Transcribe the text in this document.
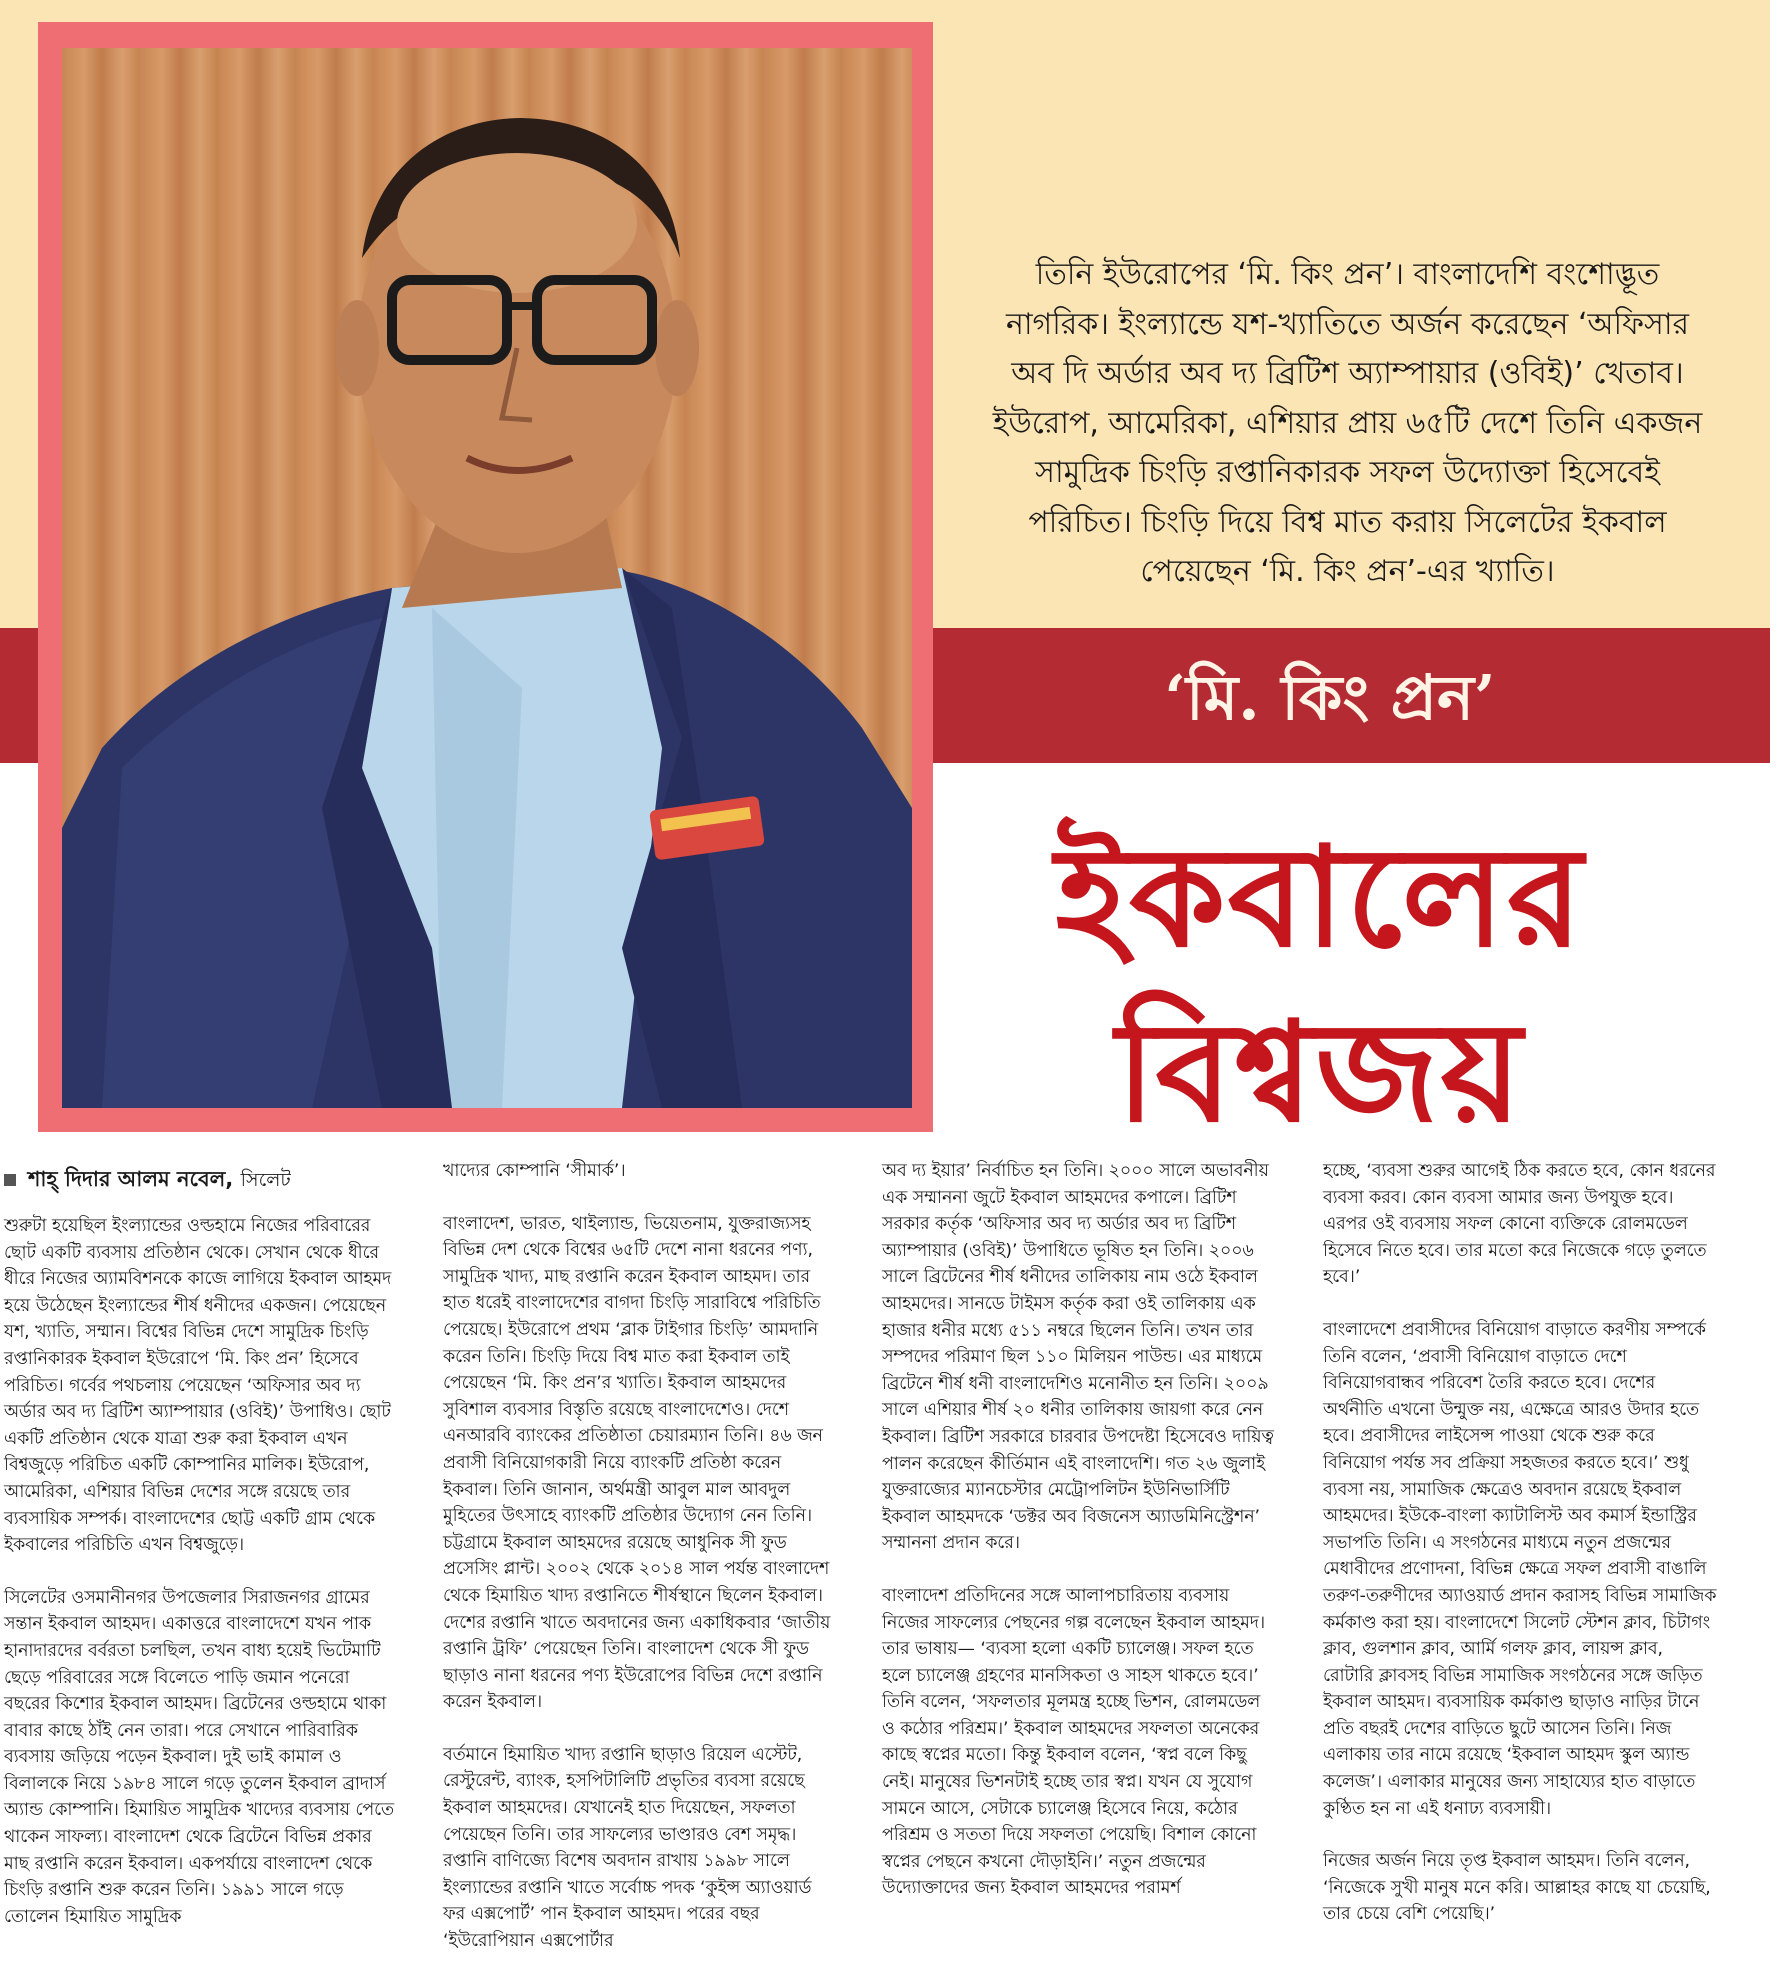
তিনি ইউরোপের ‘মি. কিং প্রন’। বাংলাদেশি বংশোদ্ভূত নাগরিক। ইংল্যান্ডে যশ-খ্যাতিতে অর্জন করেছেন ‘অফিসার অব দি অর্ডার অব দ্য ব্রিটিশ অ্যাম্পায়ার (ওবিই)’ খেতাব। ইউরোপ, আমেরিকা, এশিয়ার প্রায় ৬৫টি দেশে তিনি একজন সামুদ্রিক চিংড়ি রপ্তানিকারক সফল উদ্যোক্তা হিসেবেই পরিচিত। চিংড়ি দিয়ে বিশ্ব মাত করায় সিলেটের ইকবাল পেয়েছেন ‘মি. কিং প্রন’-এর খ্যাতি।

‘মি. কিং প্রন’
ইকবালের
বিশ্বজয়
শাহ্‌ দিদার আলম নবেল, সিলেট

শুরুটা হয়েছিল ইংল্যান্ডের ওল্ডহামে নিজের পরিবারের ছোট একটি ব্যবসায় প্রতিষ্ঠান থেকে। সেখান থেকে ধীরে ধীরে নিজের অ্যামবিশনকে কাজে লাগিয়ে ইকবাল আহমদ হয়ে উঠেছেন ইংল্যান্ডের শীর্ষ ধনীদের একজন। পেয়েছেন যশ, খ্যাতি, সম্মান। বিশ্বের বিভিন্ন দেশে সামুদ্রিক চিংড়ি রপ্তানিকারক ইকবাল ইউরোপে ‘মি. কিং প্রন’ হিসেবে পরিচিত। গর্বের পথচলায় পেয়েছেন ‘অফিসার অব দ্য অর্ডার অব দ্য ব্রিটিশ অ্যাম্পায়ার (ওবিই)’ উপাধিও। ছোট একটি প্রতিষ্ঠান থেকে যাত্রা শুরু করা ইকবাল এখন বিশ্বজুড়ে পরিচিত একটি কোম্পানির মালিক। ইউরোপ, আমেরিকা, এশিয়ার বিভিন্ন দেশের সঙ্গে রয়েছে তার ব্যবসায়িক সম্পর্ক। বাংলাদেশের ছোট্ট একটি গ্রাম থেকে ইকবালের পরিচিতি এখন বিশ্বজুড়ে।

সিলেটের ওসমানীনগর উপজেলার সিরাজনগর গ্রামের সন্তান ইকবাল আহমদ। একাত্তরে বাংলাদেশে যখন পাক হানাদারদের বর্বরতা চলছিল, তখন বাধ্য হয়েই ভিটেমাটি ছেড়ে পরিবারের সঙ্গে বিলেতে পাড়ি জমান পনেরো বছরের কিশোর ইকবাল আহমদ। ব্রিটেনের ওল্ডহামে থাকা বাবার কাছে ঠাঁই নেন তারা। পরে সেখানে পারিবারিক ব্যবসায় জড়িয়ে পড়েন ইকবাল। দুই ভাই কামাল ও বিলালকে নিয়ে ১৯৮৪ সালে গড়ে তুলেন ইকবাল ব্রাদার্স অ্যান্ড কোম্পানি। হিমায়িত সামুদ্রিক খাদ্যের ব্যবসায় পেতে থাকেন সাফল্য। বাংলাদেশ থেকে ব্রিটেনে বিভিন্ন প্রকার মাছ রপ্তানি করেন ইকবাল। একপর্যায়ে বাংলাদেশ থেকে চিংড়ি রপ্তানি শুরু করেন তিনি। ১৯৯১ সালে গড়ে তোলেন হিমায়িত সামুদ্রিক

খাদ্যের কোম্পানি ‘সীমার্ক’।

বাংলাদেশ, ভারত, থাইল্যান্ড, ভিয়েতনাম, যুক্তরাজ্যসহ বিভিন্ন দেশ থেকে বিশ্বের ৬৫টি দেশে নানা ধরনের পণ্য, সামুদ্রিক খাদ্য, মাছ রপ্তানি করেন ইকবাল আহমদ। তার হাত ধরেই বাংলাদেশের বাগদা চিংড়ি সারাবিশ্বে পরিচিতি পেয়েছে। ইউরোপে প্রথম ‘ব্লাক টাইগার চিংড়ি’ আমদানি করেন তিনি। চিংড়ি দিয়ে বিশ্ব মাত করা ইকবাল তাই পেয়েছেন ‘মি. কিং প্রন’র খ্যাতি। ইকবাল আহমদের সুবিশাল ব্যবসার বিস্তৃতি রয়েছে বাংলাদেশেও। দেশে এনআরবি ব্যাংকের প্রতিষ্ঠাতা চেয়ারম্যান তিনি। ৪৬ জন প্রবাসী বিনিয়োগকারী নিয়ে ব্যাংকটি প্রতিষ্ঠা করেন ইকবাল। তিনি জানান, অর্থমন্ত্রী আবুল মাল আবদুল মুহিতের উৎসাহে ব্যাংকটি প্রতিষ্ঠার উদ্যোগ নেন তিনি। চট্টগ্রামে ইকবাল আহমদের রয়েছে আধুনিক সী ফুড প্রসেসিং প্লান্ট। ২০০২ থেকে ২০১৪ সাল পর্যন্ত বাংলাদেশ থেকে হিমায়িত খাদ্য রপ্তানিতে শীর্ষস্থানে ছিলেন ইকবাল। দেশের রপ্তানি খাতে অবদানের জন্য একাধিকবার ‘জাতীয় রপ্তানি ট্রফি’ পেয়েছেন তিনি। বাংলাদেশ থেকে সী ফুড ছাড়াও নানা ধরনের পণ্য ইউরোপের বিভিন্ন দেশে রপ্তানি করেন ইকবাল।

বর্তমানে হিমায়িত খাদ্য রপ্তানি ছাড়াও রিয়েল এস্টেট, রেস্টুরেন্ট, ব্যাংক, হসপিটালিটি প্রভৃতির ব্যবসা রয়েছে ইকবাল আহমদের। যেখানেই হাত দিয়েছেন, সফলতা পেয়েছেন তিনি। তার সাফল্যের ভাণ্ডারও বেশ সমৃদ্ধ। রপ্তানি বাণিজ্যে বিশেষ অবদান রাখায় ১৯৯৮ সালে ইংল্যান্ডের রপ্তানি খাতে সর্বোচ্চ পদক ‘কুইন্স অ্যাওয়ার্ড ফর এক্সপোর্ট’ পান ইকবাল আহমদ। পরের বছর ‘ইউরোপিয়ান এক্সপোর্টার

অব দ্য ইয়ার’ নির্বাচিত হন তিনি। ২০০০ সালে অভাবনীয় এক সম্মাননা জুটে ইকবাল আহমদের কপালে। ব্রিটিশ সরকার কর্তৃক ‘অফিসার অব দ্য অর্ডার অব দ্য ব্রিটিশ অ্যাম্পায়ার (ওবিই)’ উপাধিতে ভূষিত হন তিনি। ২০০৬ সালে ব্রিটেনের শীর্ষ ধনীদের তালিকায় নাম ওঠে ইকবাল আহমদের। সানডে টাইমস কর্তৃক করা ওই তালিকায় এক হাজার ধনীর মধ্যে ৫১১ নম্বরে ছিলেন তিনি। তখন তার সম্পদের পরিমাণ ছিল ১১০ মিলিয়ন পাউন্ড। এর মাধ্যমে ব্রিটেনে শীর্ষ ধনী বাংলাদেশিও মনোনীত হন তিনি। ২০০৯ সালে এশিয়ার শীর্ষ ২০ ধনীর তালিকায় জায়গা করে নেন ইকবাল। ব্রিটিশ সরকারে চারবার উপদেষ্টা হিসেবেও দায়িত্ব পালন করেছেন কীর্তিমান এই বাংলাদেশি। গত ২৬ জুলাই যুক্তরাজ্যের ম্যানচেস্টার মেট্রোপলিটন ইউনিভার্সিটি ইকবাল আহমদকে ‘ডক্টর অব বিজনেস অ্যাডমিনিস্ট্রেশন’ সম্মাননা প্রদান করে।

বাংলাদেশ প্রতিদিনের সঙ্গে আলাপচারিতায় ব্যবসায় নিজের সাফল্যের পেছনের গল্প বলেছেন ইকবাল আহমদ। তার ভাষায়— ‘ব্যবসা হলো একটি চ্যালেঞ্জ। সফল হতে হলে চ্যালেঞ্জ গ্রহণের মানসিকতা ও সাহস থাকতে হবে।’ তিনি বলেন, ‘সফলতার মূলমন্ত্র হচ্ছে ভিশন, রোলমডেল ও কঠোর পরিশ্রম।’ ইকবাল আহমদের সফলতা অনেকের কাছে স্বপ্নের মতো। কিন্তু ইকবাল বলেন, ‘স্বপ্ন বলে কিছু নেই। মানুষের ভিশনটাই হচ্ছে তার স্বপ্ন। যখন যে সুযোগ সামনে আসে, সেটাকে চ্যালেঞ্জ হিসেবে নিয়ে, কঠোর পরিশ্রম ও সততা দিয়ে সফলতা পেয়েছি। বিশাল কোনো স্বপ্নের পেছনে কখনো দৌড়াইনি।’ নতুন প্রজন্মের উদ্যোক্তাদের জন্য ইকবাল আহমদের পরামর্শ

হচ্ছে, ‘ব্যবসা শুরুর আগেই ঠিক করতে হবে, কোন ধরনের ব্যবসা করব। কোন ব্যবসা আমার জন্য উপযুক্ত হবে। এরপর ওই ব্যবসায় সফল কোনো ব্যক্তিকে রোলমডেল হিসেবে নিতে হবে। তার মতো করে নিজেকে গড়ে তুলতে হবে।’

বাংলাদেশে প্রবাসীদের বিনিয়োগ বাড়াতে করণীয় সম্পর্কে তিনি বলেন, ‘প্রবাসী বিনিয়োগ বাড়াতে দেশে বিনিয়োগবান্ধব পরিবেশ তৈরি করতে হবে। দেশের অর্থনীতি এখনো উন্মুক্ত নয়, এক্ষেত্রে আরও উদার হতে হবে। প্রবাসীদের লাইসেন্স পাওয়া থেকে শুরু করে বিনিয়োগ পর্যন্ত সব প্রক্রিয়া সহজতর করতে হবে।’ শুধু ব্যবসা নয়, সামাজিক ক্ষেত্রেও অবদান রয়েছে ইকবাল আহমদের। ইউকে-বাংলা ক্যাটালিস্ট অব কমার্স ইন্ডাস্ট্রির সভাপতি তিনি। এ সংগঠনের মাধ্যমে নতুন প্রজন্মের মেধাবীদের প্রণোদনা, বিভিন্ন ক্ষেত্রে সফল প্রবাসী বাঙালি তরুণ-তরুণীদের অ্যাওয়ার্ড প্রদান করাসহ বিভিন্ন সামাজিক কর্মকাণ্ড করা হয়। বাংলাদেশে সিলেট স্টেশন ক্লাব, চিটাগং ক্লাব, গুলশান ক্লাব, আর্মি গলফ ক্লাব, লায়ন্স ক্লাব, রোটারি ক্লাবসহ বিভিন্ন সামাজিক সংগঠনের সঙ্গে জড়িত ইকবাল আহমদ। ব্যবসায়িক কর্মকাণ্ড ছাড়াও নাড়ির টানে প্রতি বছরই দেশের বাড়িতে ছুটে আসেন তিনি। নিজ এলাকায় তার নামে রয়েছে ‘ইকবাল আহমদ স্কুল অ্যান্ড কলেজ’। এলাকার মানুষের জন্য সাহায্যের হাত বাড়াতে কুণ্ঠিত হন না এই ধনাঢ্য ব্যবসায়ী।

নিজের অর্জন নিয়ে তৃপ্ত ইকবাল আহমদ। তিনি বলেন, ‘নিজেকে সুখী মানুষ মনে করি। আল্লাহর কাছে যা চেয়েছি, তার চেয়ে বেশি পেয়েছি।’
